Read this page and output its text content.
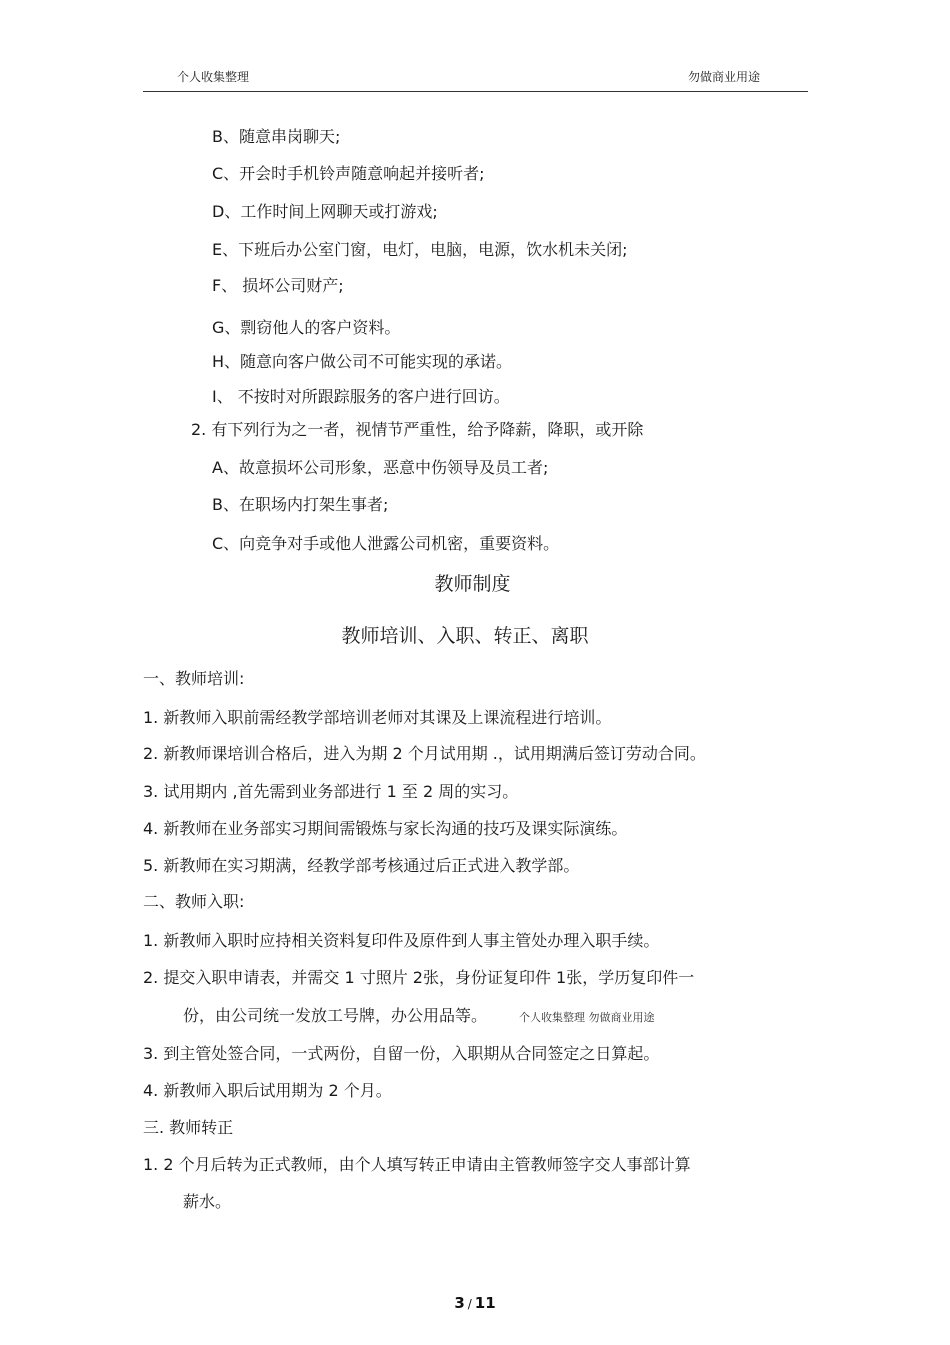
个人收集整理	勿做商业用途
B、随意串岗聊天;
C、开会时手机铃声随意响起并接听者;
D、工作时间上网聊天或打游戏;
E、下班后办公室门窗，电灯，电脑，电源，饮水机未关闭;
F、 损坏公司财产;
G、剽窃他人的客户资料。
H、随意向客户做公司不可能实现的承诺。
I、 不按时对所跟踪服务的客户进行回访。
2. 有下列行为之一者，视情节严重性，给予降薪，降职，或开除
A、故意损坏公司形象，恶意中伤领导及员工者;
B、在职场内打架生事者;
C、向竞争对手或他人泄露公司机密，重要资料。
教师制度
教师培训、入职、转正、离职
一、教师培训:
1. 新教师入职前需经教学部培训老师对其课及上课流程进行培训。
2. 新教师课培训合格后，进入为期 2 个月试用期 .，试用期满后签订劳动合同。
3. 试用期内 ,首先需到业务部进行 1 至 2 周的实习。
4. 新教师在业务部实习期间需锻炼与家长沟通的技巧及课实际演练。
5. 新教师在实习期满，经教学部考核通过后正式进入教学部。
二、教师入职:
1. 新教师入职时应持相关资料复印件及原件到人事主管处办理入职手续。
2. 提交入职申请表，并需交 1 寸照片 2张，身份证复印件 1张，学历复印件一
份，由公司统一发放工号牌，办公用品等。	个人收集整理 勿做商业用途
3. 到主管处签合同，一式两份，自留一份，入职期从合同签定之日算起。
4. 新教师入职后试用期为 2 个月。
三. 教师转正
1. 2 个月后转为正式教师，由个人填写转正申请由主管教师签字交人事部计算
薪水。
3 / 11
